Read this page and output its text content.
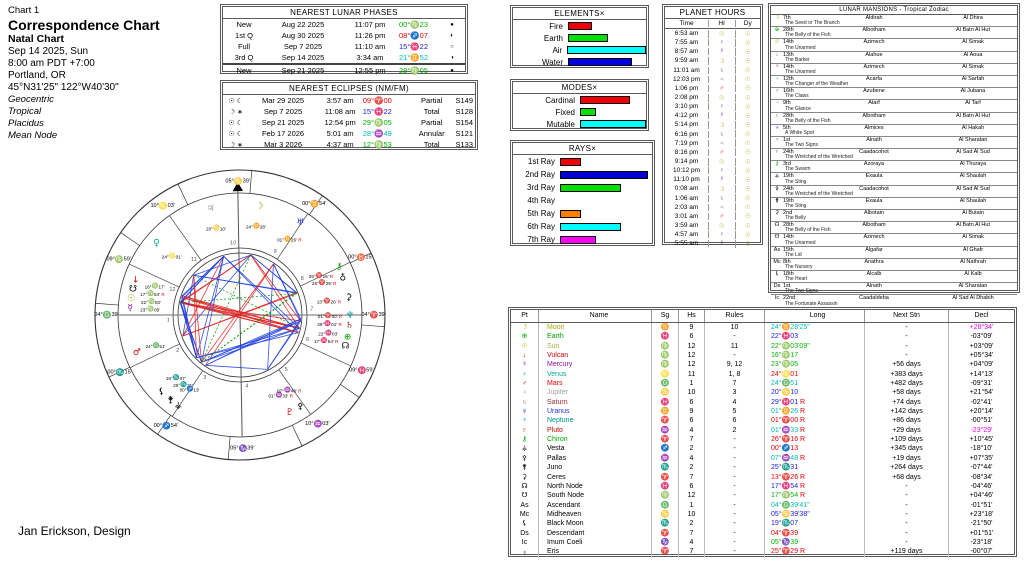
Chart 1
Correspondence Chart
Natal Chart
Sep 14 2025, Sun
8:00 am PDT +7:00
Portland, OR
45°N31'25" 122°W40'30"
Geocentric
Tropical
Placidus
Mean Node
NEAREST LUNAR PHASES
New	Aug 22 2025	11:07 pm	00°♍23	●
1st Q	Aug 30 2025	11:26 pm	08°♐07	◐
Full	Sep 7 2025	11:10 am	15°♓22	○
3rd Q	Sep 14 2025	3:34 am	21°♊52	◑
New	Sep 21 2025	12:55 pm	29°♍05	●
NEAREST ECLIPSES (NM/FM)
☉ ☾	Mar 29 2025	3:57 am	09°♈00	Partial	S149
☽ ∗	Sep 7 2025	11:08 am 15°♓22	Total	S128
☉ ☾	Sep 21 2025	12:54 pm 29°♍05	Partial	S154
☉ ☾	Feb 17 2026	5:01 am	28°♒49	Annular	S121
☽ ∗	Mar 3 2026	4:37 am	12°♍53	Total	S133
ELEMENTS×
Fire
Earth
Air
Water
MODES×
Cardinal
Fixed
Mutable
RAYS×
1st Ray
2nd Ray
3rd Ray
4th Ray
5th Ray
6th Ray
7th Ray
PLANET HOURS
Time	Hr	Dy
6:53 am	☉	☉
7:55 am	♀	☉
8:57 am	☿	☉
9:59 am	☽	☉
11:01 am	♄	☉
12:03 pm	♃	☉
1:06 pm	♂	☉
2:08 pm	☉	☉
3:10 pm	♀	☉
4:12 pm	☿	☉
5:14 pm	☽	☉
6:16 pm	♄	☉
7:19 pm	♃	☉
8:16 pm	♂	☉
9:14 pm	☉	☉
10:12 pm	♀	☉
11:10 pm	☿	☉
0:08 am	☽	☉
1:06 am	♄	☉
2:03 am	♃	☉
3:01 am	♂	☉
3:59 am	☉	☉
4:57 am	♀	☉
5:55 am	☿	☉
LUNAR MANSIONS - Tropical Zodiac
☽ 7th	Aldirah	Al Dhira
The Seed or The Branch
⊕ 28th	Albotham	Al Batn Al Hut
The Belly of the Fish
☉ 14th	Azimech	Al Simak
The Unarmed
↓ 13th	Alahue	Al Aoua
The Barker
☿ 14th	Azimech	Al Simak
The Unarmed
♀ 12th	Acarfa	Al Sarfah
The Changer of the Weather
♂ 16th	Azubene	Al Jubana
The Claws
♃ 9th	Atarf	Al Tarf
The Glance
♄ 28th	Albotham	Al Batn Al Hut
The Belly of the Fish
♅ 5th	Almices	Al Hakah
A White Spot
♆ 1st	Alnath	Al Sharatan
The Two Signs
♇ 24th	Caadacohot	Al Sad Al Sud
The Wretched of the Wretched
⚷ 3rd	Azoraya	Al Thuraya
The Swarm
⚶ 19th	Exaula	Al Shaulah
The Sting
⚴ 24th	Caadacohot	Al Sad Al Sud
The Wretched of the Wretched
⚵ 19th	Exaula	Al Shaulah
The Sting
⚳ 2nd	Albotain	Al Butain
The Belly
☊ 28th	Albotham	Al Batn Al Hut
The Belly of the Fish
☋ 14th	Azimech	Al Simak
The Unarmed
As 15th	Algafar	Al Ghafr
The Lid
Mc 8th	Anathra	Al Nathrah
The Nursery
⚸ 18th	Alcalb	Al Kalb
The Heart
Ds 1st	Alnath	Al Sharatan
The Two Signs
Ic 22nd	Caadaldeba	Al Sad Al Dhabih
The Fortunate Assassin
1
2
3
4
5
6
7
8
9
10
11
12
04°♎39'
00°♏15'
00°♐54'
05°♑39'
10°♒03'
09°♓59'
04°♈39'
00°♉15'
00°♊54'
05°♋39'
10°♌03'
09°♍59'
⚳
13°♈26' R
♀
25°♈29' R
⚷
26°♈16' R
♅
01°♊26' R
☽
24°♊28'
♃
20°♋10'
♀
24°♌01'
↓
16°♍17'
☋ 17°♍54' R
☉ 22°♍03'
☿ 23°♍05'
♂
24°♎51'
⚸
19°♏07'
⚵
25°♏31'
⚶
00°♐13'
♇
01°♒33' R
⚴
07°♒48' R
☊
17°♓54' R ⊕
22°♓03'
♄
29°♓01' R
♆
01°♈00' R	Pt	Name	Sg	Hs	Rules	Long	Next Stn	Decl
☽	Moon	♊	9	10	24°♊28'25"	-	+28°34'
⊕	Earth	♓	6	-	22°♓03	-	-03°09'
☉	Sun	♍	12	11	22°♍03'09"	-	+03°09'
↓	Vulcan	♍	12	-	16°♍17	-	+05°34'
☿	Mercury	♍	12	9, 12	23°♍05	+56 days	+04°09'
♀	Venus	♌	11	1, 8	24°♌01	+383 days	+14°13'
♂	Mars	♎	1	7	24°♎51	+482 days	-09°31'
♃	Jupiter	♋	10	3	20°♋10	+58 days	+21°54'
♄	Saturn	♓	6	4	29°♓01 R	+74 days	-02°41'
♅	Uranus	♊	9	5	01°♊26 R	+142 days	+20°14'
♆	Neptune	♈	6	6	01°♈00 R	+86 days	-00°51'
♇	Pluto	♒	4	2	01°♒33 R	+29 days	-23°29'
⚷	Chiron	♈	7	-	26°♈16 R	+109 days	+10°45'
⚶	Vesta	♐	2	-	00°♐13	+345 days	-18°10'
⚴	Pallas	♒	4	-	07°♒48 R	+19 days	+07°35'
⚵	Juno	♏	2	-	25°♏31	+264 days	-07°44'
⚳	Ceres	♈	7	-	13°♈26 R	+68 days	-08°34'
☊	North Node	♓	6	-	17°♓54 R	-	-04°46'
☋	South Node	♍	12	-	17°♍54 R	-	+04°46'
As	Ascendant	♎	1	-	04°♎39'41"	-	-01°51'
Mc	Midheaven	♋	10	-	05°♋39'38"	-	+23°18'
⚸	Black Moon	♏	2	-	19°♏07	-	-21°50'
Ds	Descendant	♈	7	-	04°♈39	-	+01°51'
Ic	Imum Coeli	♑	4	-	05°♑39	-	-23°18'
♀	Eris	♈	7	-	25°♈29 R	+119 days	-00°07'
Jan Erickson, Design
